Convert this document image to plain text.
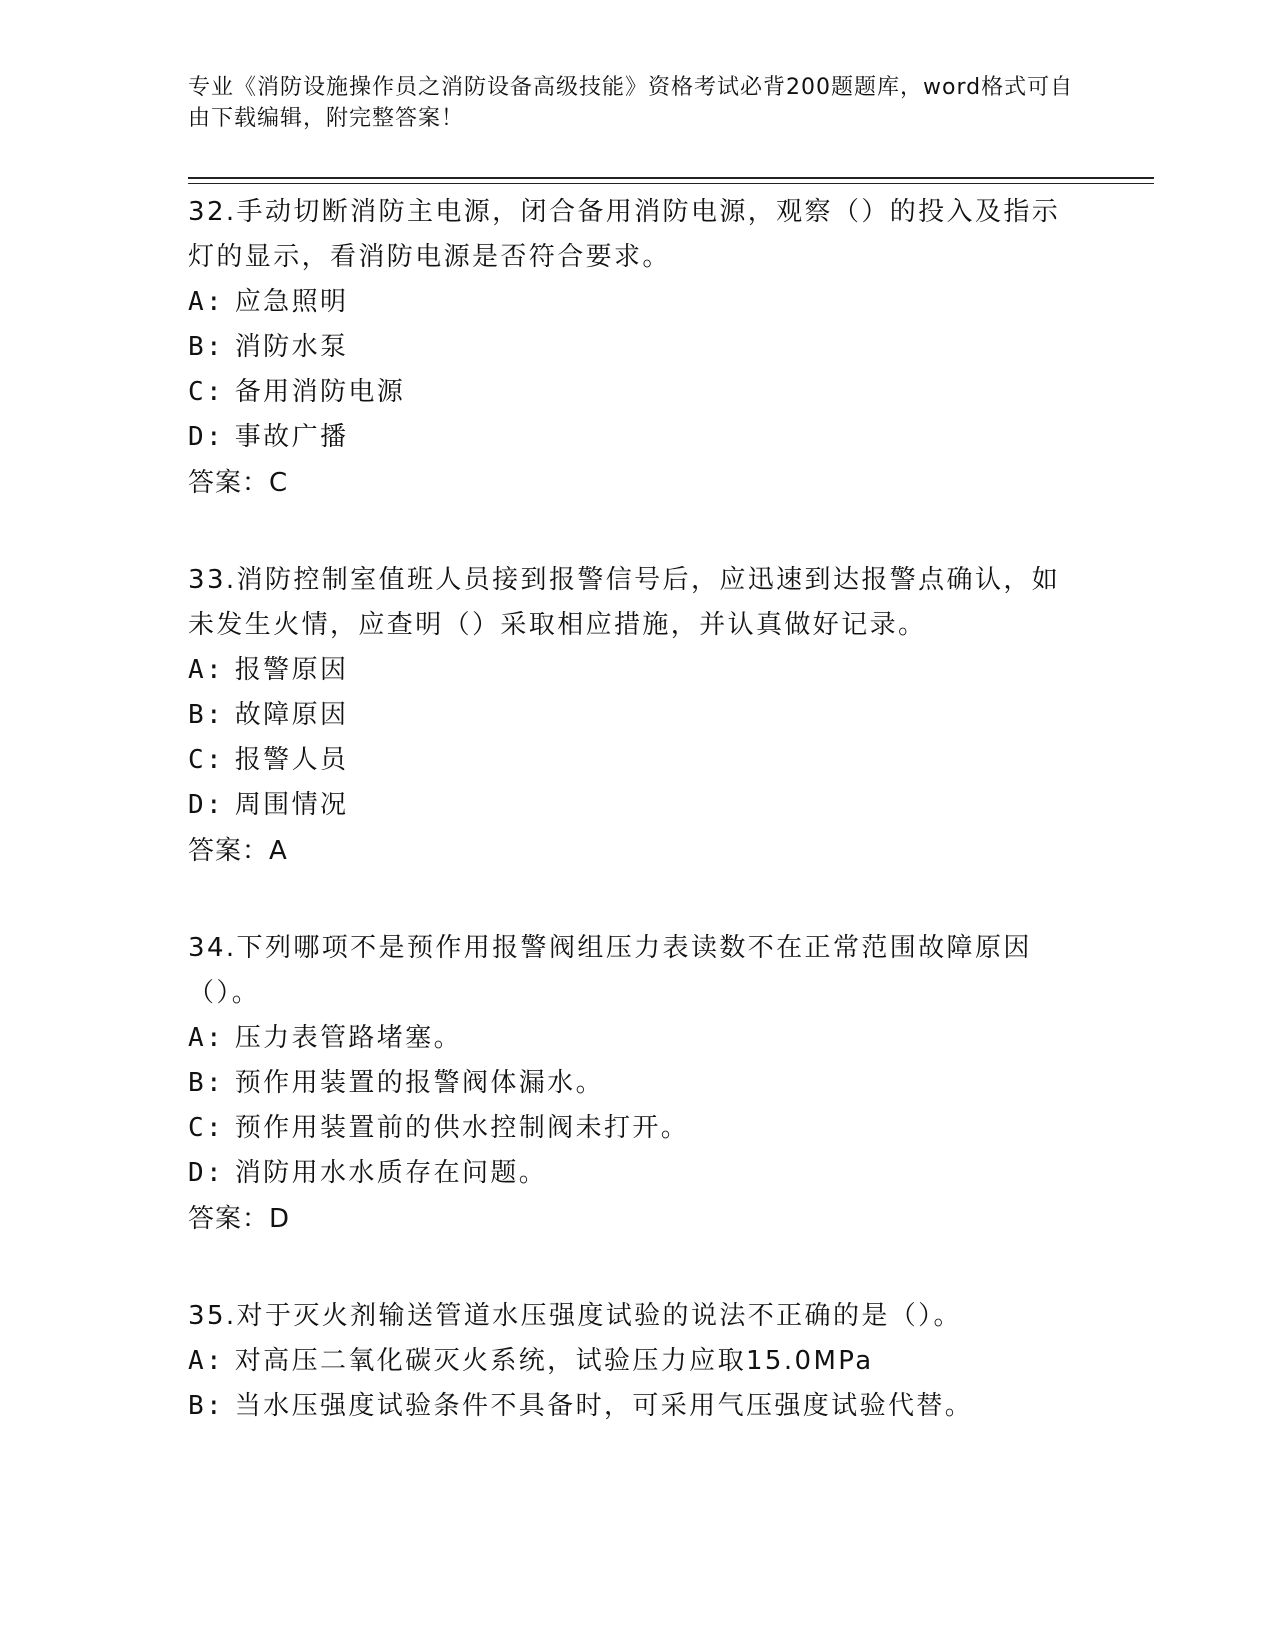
专业《消防设施操作员之消防设备高级技能》资格考试必背200题题库，word格式可自由下载编辑，附完整答案！
32.手动切断消防主电源，闭合备用消防电源，观察（）的投入及指示灯的显示，看消防电源是否符合要求。
A: 应急照明
B: 消防水泵
C: 备用消防电源
D: 事故广播
答案：C
33.消防控制室值班人员接到报警信号后，应迅速到达报警点确认，如未发生火情，应查明（）采取相应措施，并认真做好记录。
A: 报警原因
B: 故障原因
C: 报警人员
D: 周围情况
答案：A
34.下列哪项不是预作用报警阀组压力表读数不在正常范围故障原因（）。
A: 压力表管路堵塞。
B: 预作用装置的报警阀体漏水。
C: 预作用装置前的供水控制阀未打开。
D: 消防用水水质存在问题。
答案：D
35.对于灭火剂输送管道水压强度试验的说法不正确的是（）。
A: 对高压二氧化碳灭火系统，试验压力应取15.0MPa
B: 当水压强度试验条件不具备时，可采用气压强度试验代替。
